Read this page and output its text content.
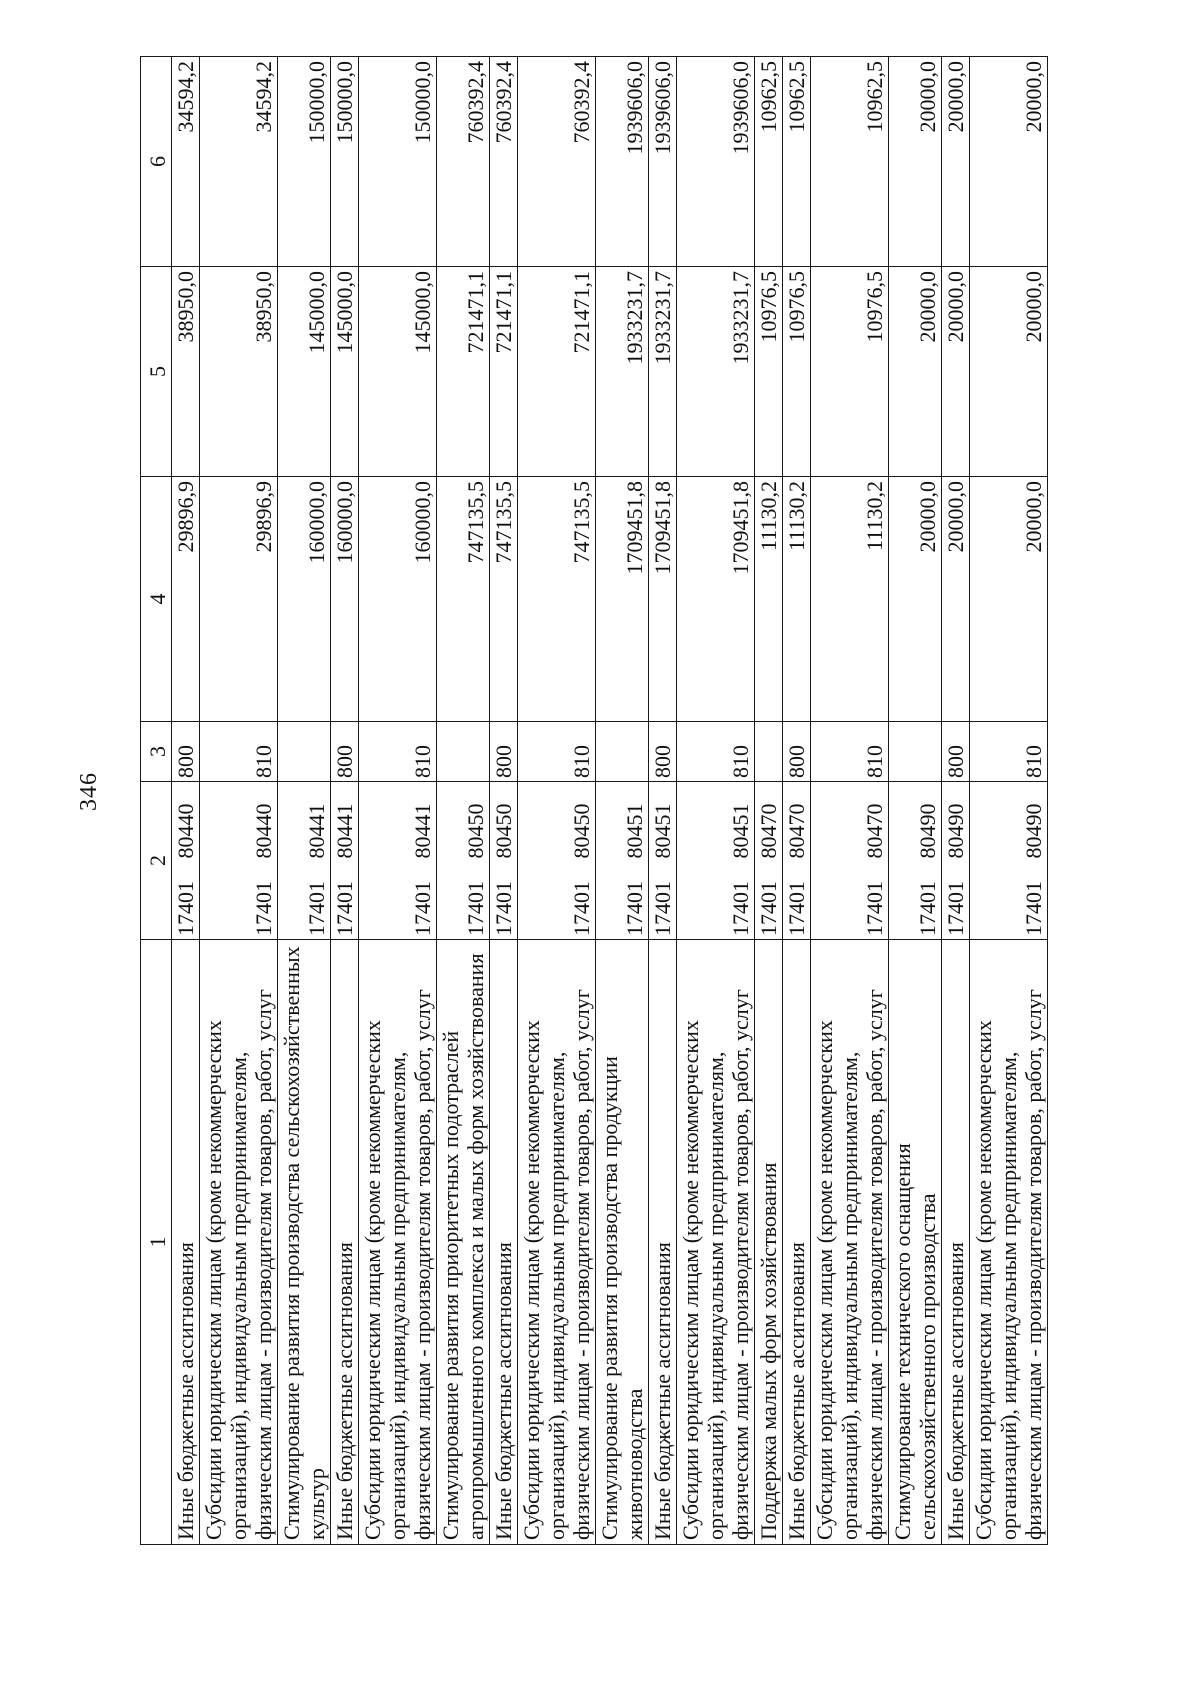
346
1	2		3	4	5	6
Иные бюджетные ассигнования	17401	80440	800	29896,9	38950,0	34594,2
Субсидии юридическим лицам (кроме некоммерческих организаций), индивидуальным предпринимателям, физическим лицам - производителям товаров, работ, услуг	17401	80440	810	29896,9	38950,0	34594,2
Стимулирование развития производства сельскохозяйственных культур	17401	80441		160000,0	145000,0	150000,0
Иные бюджетные ассигнования	17401	80441	800	160000,0	145000,0	150000,0
Субсидии юридическим лицам (кроме некоммерческих организаций), индивидуальным предпринимателям, физическим лицам - производителям товаров, работ, услуг	17401	80441	810	160000,0	145000,0	150000,0
Стимулирование развития приоритетных подотраслей агропромышленного комплекса и малых форм хозяйствования	17401	80450		747135,5	721471,1	760392,4
Иные бюджетные ассигнования	17401	80450	800	747135,5	721471,1	760392,4
Субсидии юридическим лицам (кроме некоммерческих организаций), индивидуальным предпринимателям, физическим лицам - производителям товаров, работ, услуг	17401	80450	810	747135,5	721471,1	760392,4
Стимулирование развития производства продукции животноводства	17401	80451		1709451,8	1933231,7	1939606,0
Иные бюджетные ассигнования	17401	80451	800	1709451,8	1933231,7	1939606,0
Субсидии юридическим лицам (кроме некоммерческих организаций), индивидуальным предпринимателям, физическим лицам - производителям товаров, работ, услуг	17401	80451	810	1709451,8	1933231,7	1939606,0
Поддержка малых форм хозяйствования	17401	80470		11130,2	10976,5	10962,5
Иные бюджетные ассигнования	17401	80470	800	11130,2	10976,5	10962,5
Субсидии юридическим лицам (кроме некоммерческих организаций), индивидуальным предпринимателям, физическим лицам - производителям товаров, работ, услуг	17401	80470	810	11130,2	10976,5	10962,5
Стимулирование технического оснащения сельскохозяйственного производства	17401	80490		20000,0	20000,0	20000,0
Иные бюджетные ассигнования	17401	80490	800	20000,0	20000,0	20000,0
Субсидии юридическим лицам (кроме некоммерческих организаций), индивидуальным предпринимателям, физическим лицам - производителям товаров, работ, услуг	17401	80490	810	20000,0	20000,0	20000,0
